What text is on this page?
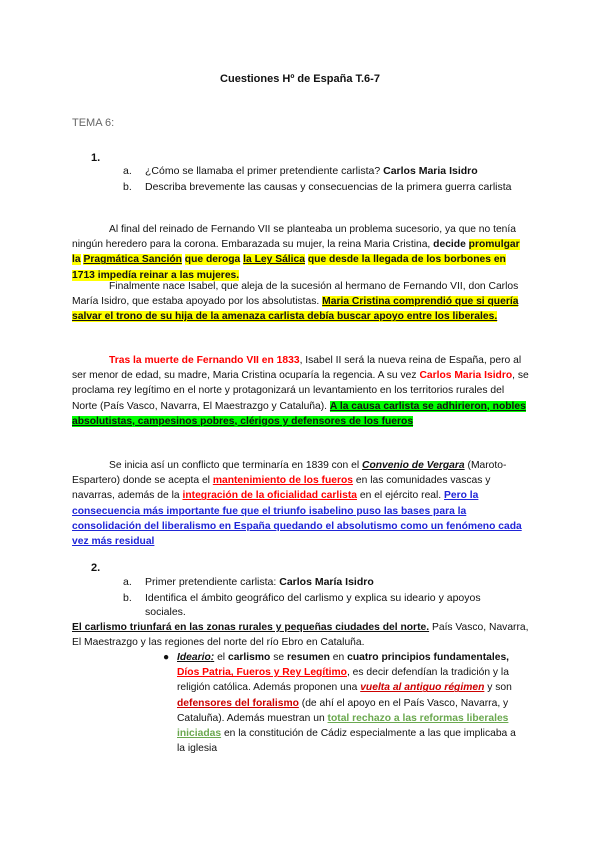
Cuestiones Hº de España T.6-7
TEMA 6:
1.
a. ¿Cómo se llamaba el primer pretendiente carlista? Carlos Maria Isidro
b. Describa brevemente las causas y consecuencias de la primera guerra carlista
Al final del reinado de Fernando VII se planteaba un problema sucesorio, ya que no tenía ningún heredero para la corona. Embarazada su mujer, la reina Maria Cristina, decide promulgar la Pragmática Sanción que deroga la Ley Sálica que desde la llegada de los borbones en 1713 impedía reinar a las mujeres.
Finalmente nace Isabel, que aleja de la sucesión al hermano de Fernando VII, don Carlos María Isidro, que estaba apoyado por los absolutistas. Maria Cristina comprendió que si quería salvar el trono de su hija de la amenaza carlista debía buscar apoyo entre los liberales.
Tras la muerte de Fernando VII en 1833, Isabel II será la nueva reina de España, pero al ser menor de edad, su madre, Maria Cristina ocuparía la regencia. A su vez Carlos Maria Isidro, se proclama rey legítimo en el norte y protagonizará un levantamiento en los territorios rurales del Norte (País Vasco, Navarra, El Maestrazgo y Cataluña). A la causa carlista se adhirieron, nobles absolutistas, campesinos pobres, clérigos y defensores de los fueros
Se inicia así un conflicto que terminaría en 1839 con el Convenio de Vergara (Maroto-Espartero) donde se acepta el mantenimiento de los fueros en las comunidades vascas y navarras, además de la integración de la oficialidad carlista en el ejército real. Pero la consecuencia más importante fue que el triunfo isabelino puso las bases para la consolidación del liberalismo en España quedando el absolutismo como un fenómeno cada vez más residual
2.
a. Primer pretendiente carlista: Carlos María Isidro
b. Identifica el ámbito geográfico del carlismo y explica su ideario y apoyos sociales.
El carlismo triunfará en las zonas rurales y pequeñas ciudades del norte. País Vasco, Navarra, El Maestrazgo y las regiones del norte del río Ebro en Cataluña.
● Ideario: el carlismo se resumen en cuatro principios fundamentales, Díos Patria, Fueros y Rey Legítimo, es decir defendían la tradición y la religión católica. Además proponen una vuelta al antiguo régimen y son defensores del foralismo (de ahí el apoyo en el País Vasco, Navarra, y Cataluña). Además muestran un total rechazo a las reformas liberales iniciadas en la constitución de Cádiz especialmente a las que implicaba a la iglesia
